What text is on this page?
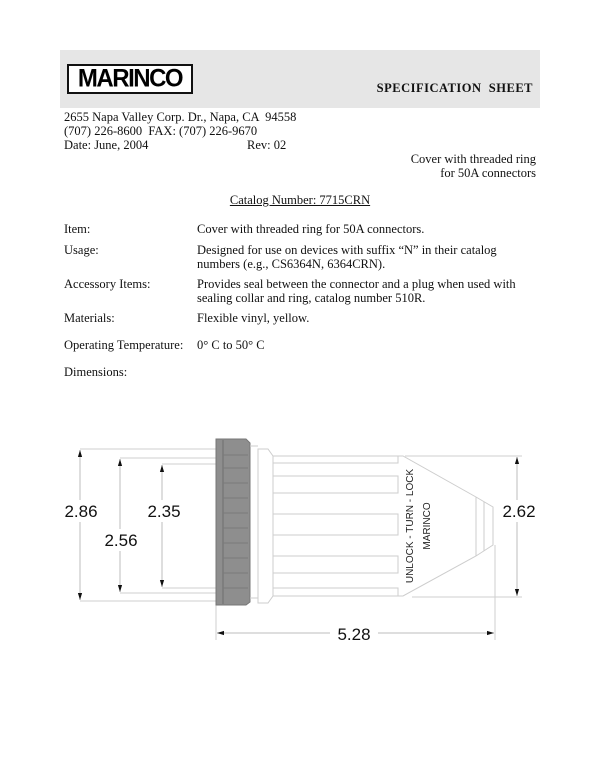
MARINCO	SPECIFICATION  SHEET
2655 Napa Valley Corp. Dr., Napa, CA  94558
(707) 226-8600  FAX: (707) 226-9670
Date: June, 2004	Rev: 02
Cover with threaded ring
for 50A connectors
Catalog Number: 7715CRN
Item:	Cover with threaded ring for 50A connectors.
Usage:	Designed for use on devices with suffix “N” in their catalog numbers (e.g., CS6364N, 6364CRN).
Accessory Items:	Provides seal between the connector and a plug when used with sealing collar and ring, catalog number 510R.
Materials:	Flexible vinyl, yellow.
Operating Temperature: 0° C to 50° C
Dimensions:
UNLOCK - TURN - LOCK MARINCO
2.86
2.56
2.35	2.62
5.28
